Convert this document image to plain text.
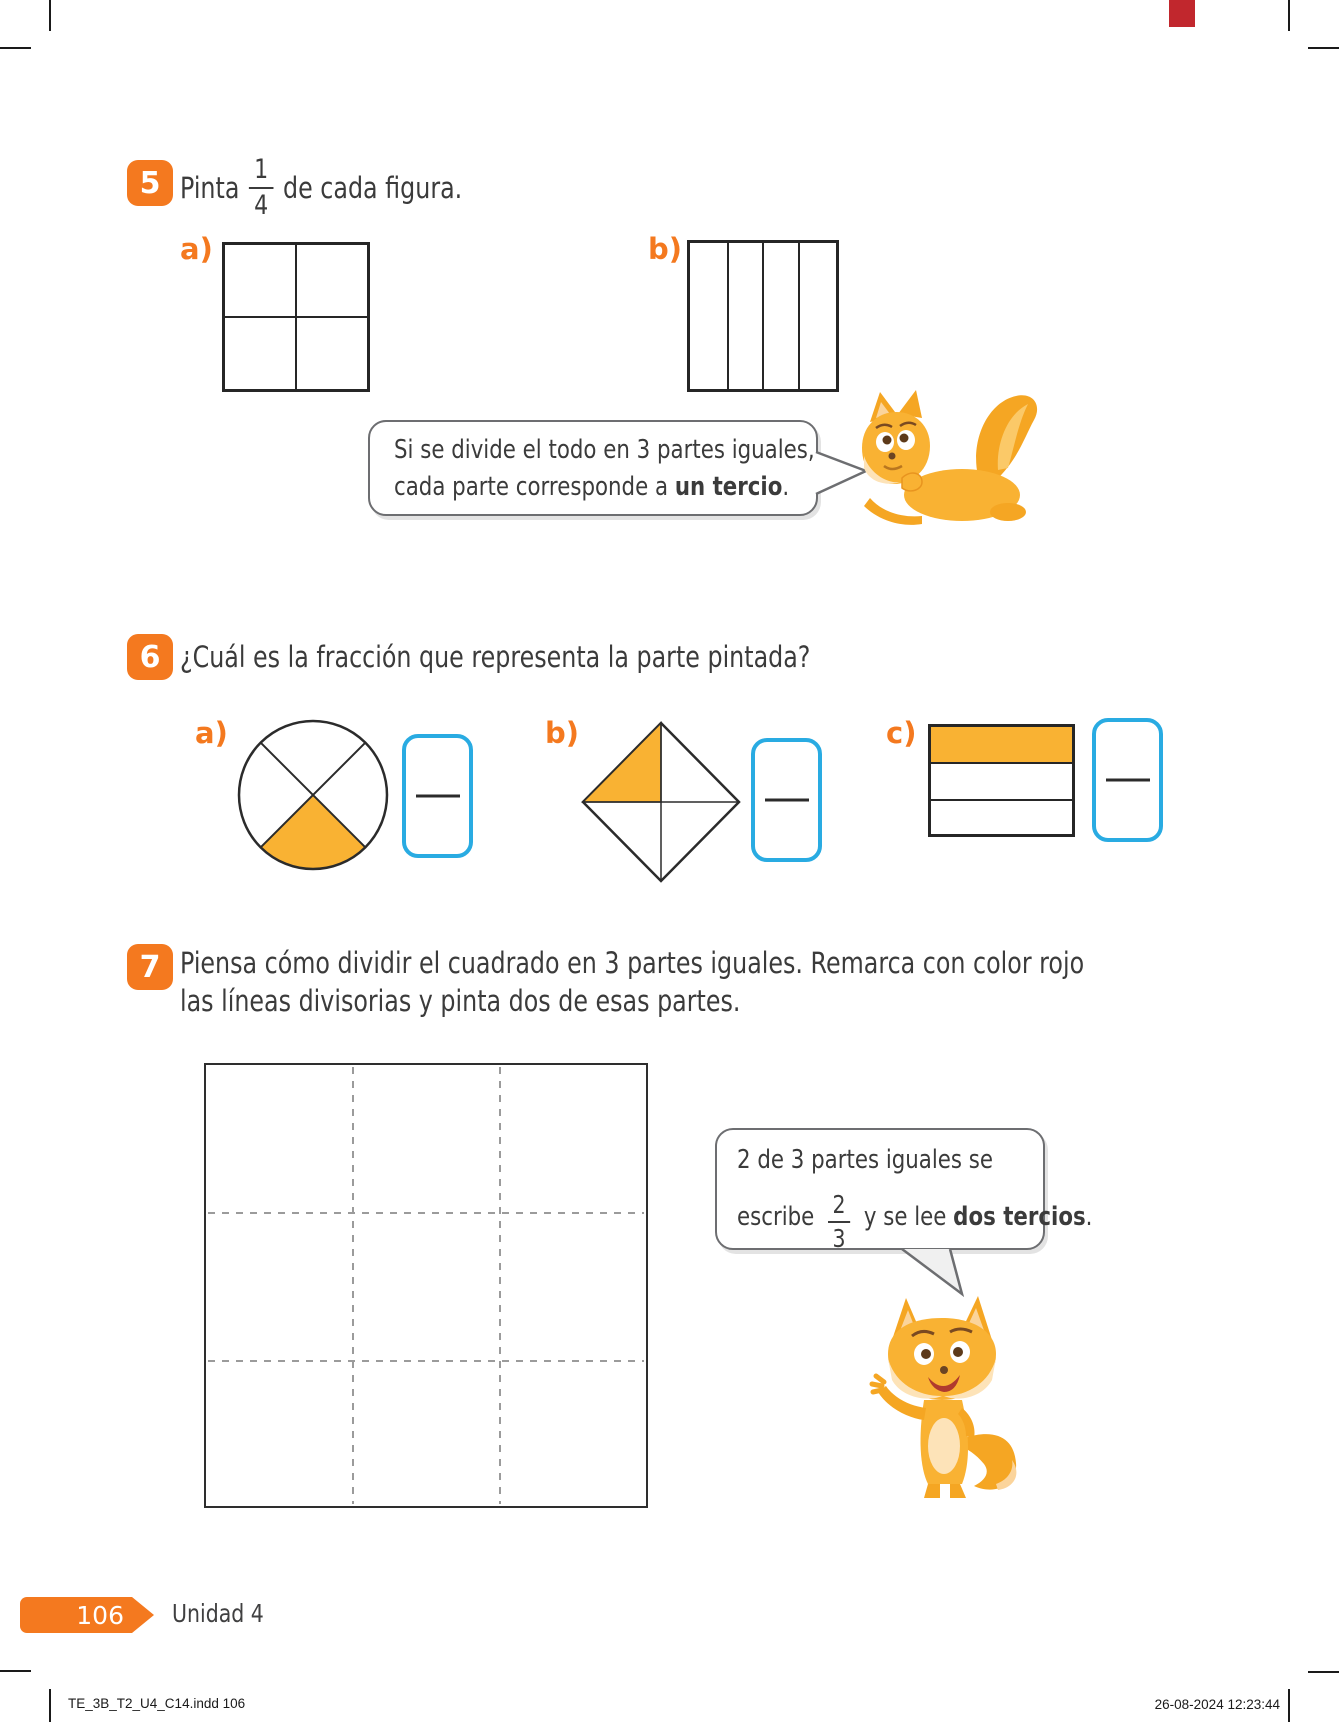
5 Pinta $\frac{1}{4}$ de cada figura.
a)	b)
Si se divide el todo en 3 partes iguales,
cada parte corresponde a un tercio.
6 ¿Cuál es la fracción que representa la parte pintada?
a)	b)	c)
7 Piensa cómo dividir el cuadrado en 3 partes iguales. Remarca con color rojo
las líneas divisorias y pinta dos de esas partes.
2 de 3 partes iguales se
escribe $\frac{2}{3}$ y se lee dos tercios.
106	Unidad 4
TE_3B_T2_U4_C14.indd 106	26-08-2024 12:23:44
